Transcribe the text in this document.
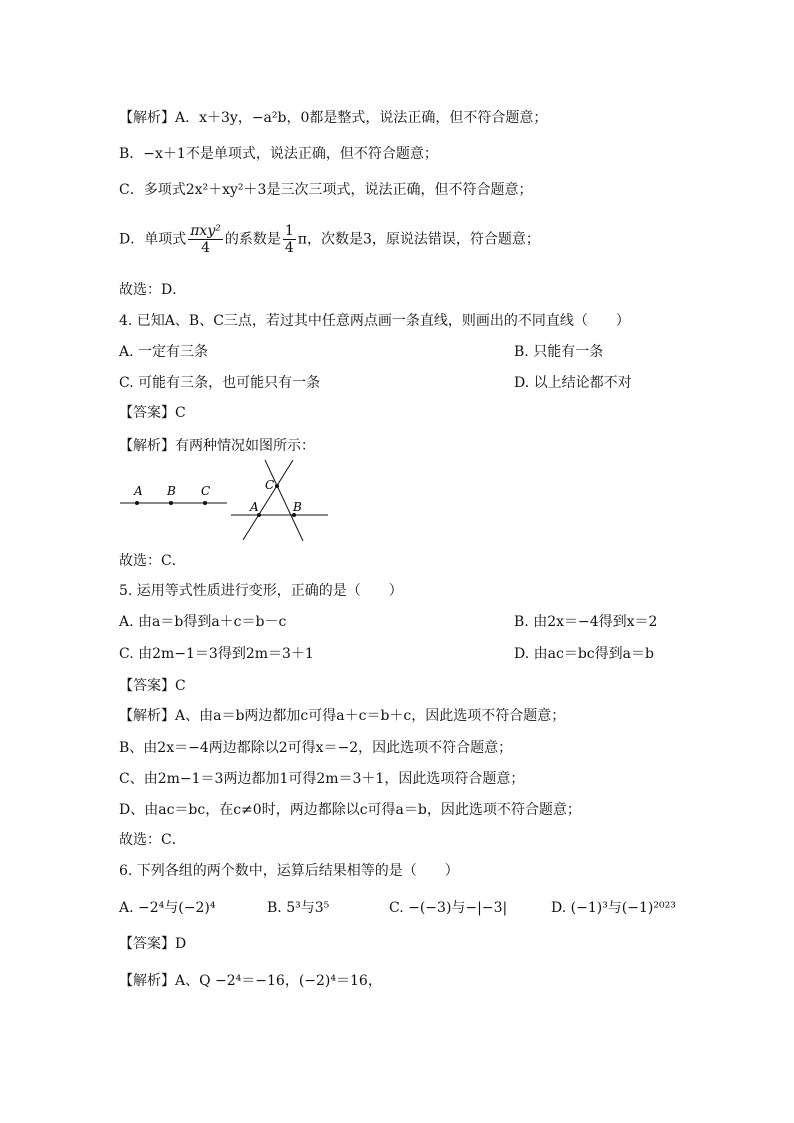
【解析】A．x＋3y，−a²b，0都是整式，说法正确，但不符合题意；
B．−x＋1不是单项式，说法正确，但不符合题意；
C．多项式2x²＋xy²＋3是三次三项式，说法正确，但不符合题意；
D．单项式 $\frac{\text{πxy²}}{4}$ 的系数是 $\frac{1}{4}$ π，次数是3，原说法错误，符合题意；
故选：D．
4. 已知A、B、C三点，若过其中任意两点画一条直线，则画出的不同直线（　　）
A. 一定有三条	B. 只能有一条
C. 可能有三条，也可能只有一条	D. 以上结论都不对
【答案】C
【解析】有两种情况如图所示：
A B C
A	B
C
故选：C．
5. 运用等式性质进行变形，正确的是（　　）
A. 由a＝b得到a＋c＝b－c	B. 由2x＝−4得到x＝2
C. 由2m−1＝3得到2m＝3＋1	D. 由ac＝bc得到a＝b
【答案】C
【解析】A、由a＝b两边都加c可得a＋c＝b＋c，因此选项不符合题意；
B、由2x＝−4两边都除以2可得x＝−2，因此选项不符合题意；
C、由2m−1＝3两边都加1可得2m＝3＋1，因此选项符合题意；
D、由ac＝bc，在c≠0时，两边都除以c可得a＝b，因此选项不符合题意；
故选：C．
6. 下列各组的两个数中，运算后结果相等的是（　　）
A. −2⁴与(−2)⁴	B. 5³与3⁵	C. −(−3)与−|−3|	D. (−1)³与(−1)²⁰²³
【答案】D
【解析】A、Q −2⁴＝−16，(−2)⁴＝16，
